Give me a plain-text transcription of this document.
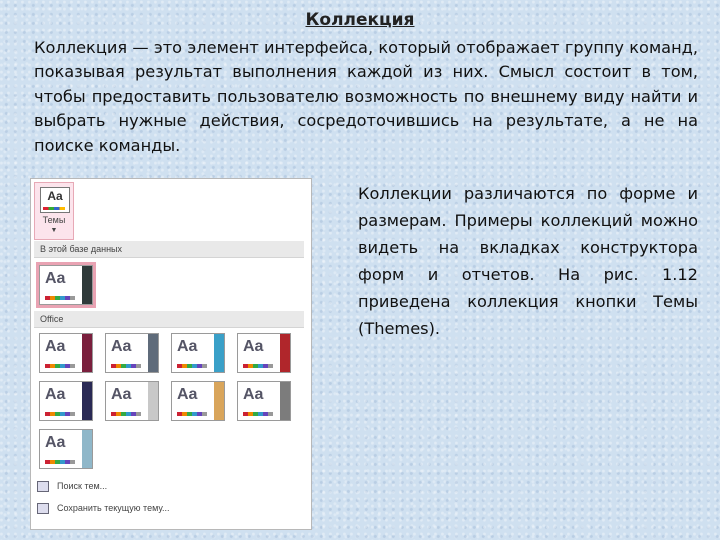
Коллекция
Коллекция — это элемент интерфейса, который отображает группу команд, показывая результат выполнения каждой из них. Смысл состоит в том, чтобы предоставить пользователю возможность по внешнему виду найти и выбрать нужные действия, сосредоточившись на результате, а не на поиске команды.
Коллекции различаются по форме и размерам. Примеры коллекций можно видеть на вкладках конструктора форм и отчетов. На рис. 1.12 приведена коллекция кнопки Темы (Themes).
Aa
Темы
▼
В этой базе данных
Aa
Office
Aa	Aa	Aa	Aa
Aa	Aa	Aa	Aa
Aa
Поиск тем...
Сохранить текущую тему...
